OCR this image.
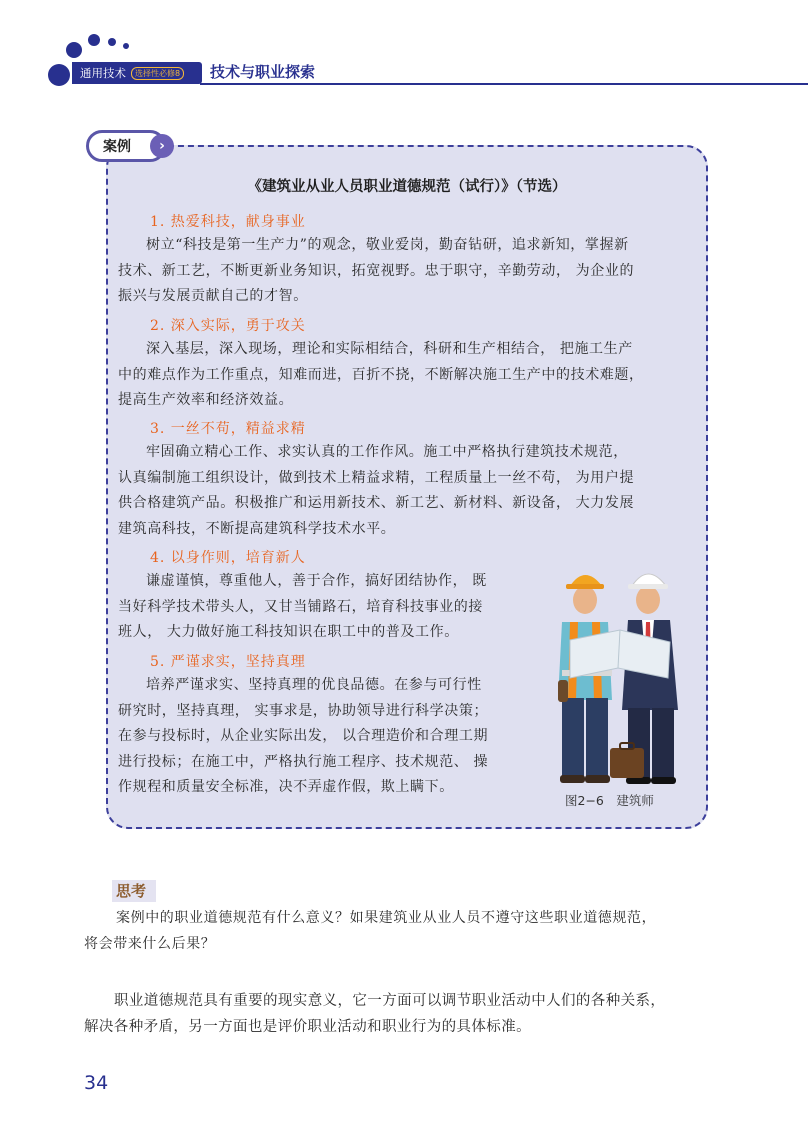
通用技术	选择性必修8 技术与职业探索
案例	›
《建筑业从业人员职业道德规范（试行）》（节选）
1. 热爱科技，献身事业
树立“科技是第一生产力”的观念，敬业爱岗，勤奋钻研，追求新知，掌握新
技术、新工艺，不断更新业务知识，拓宽视野。忠于职守，辛勤劳动， 为企业的
振兴与发展贡献自己的才智。
2. 深入实际，勇于攻关
深入基层，深入现场，理论和实际相结合，科研和生产相结合， 把施工生产
中的难点作为工作重点，知难而进，百折不挠，不断解决施工生产中的技术难题，
提高生产效率和经济效益。
3. 一丝不苟，精益求精
牢固确立精心工作、求实认真的工作作风。施工中严格执行建筑技术规范，
认真编制施工组织设计，做到技术上精益求精，工程质量上一丝不苟， 为用户提
供合格建筑产品。积极推广和运用新技术、新工艺、新材料、新设备， 大力发展
建筑高科技，不断提高建筑科学技术水平。
4. 以身作则，培育新人
谦虚谨慎，尊重他人，善于合作，搞好团结协作， 既
当好科学技术带头人，又甘当铺路石，培育科技事业的接
班人， 大力做好施工科技知识在职工中的普及工作。
5. 严谨求实，坚持真理
培养严谨求实、坚持真理的优良品德。在参与可行性
研究时，坚持真理， 实事求是，协助领导进行科学决策；
在参与投标时，从企业实际出发， 以合理造价和合理工期
进行投标；在施工中，严格执行施工程序、技术规范、 操
作规程和质量安全标准，决不弄虚作假，欺上瞒下。
图2−6　建筑师
思考
案例中的职业道德规范有什么意义？如果建筑业从业人员不遵守这些职业道德规范，
将会带来什么后果？
职业道德规范具有重要的现实意义，它一方面可以调节职业活动中人们的各种关系，
解决各种矛盾，另一方面也是评价职业活动和职业行为的具体标准。
34
